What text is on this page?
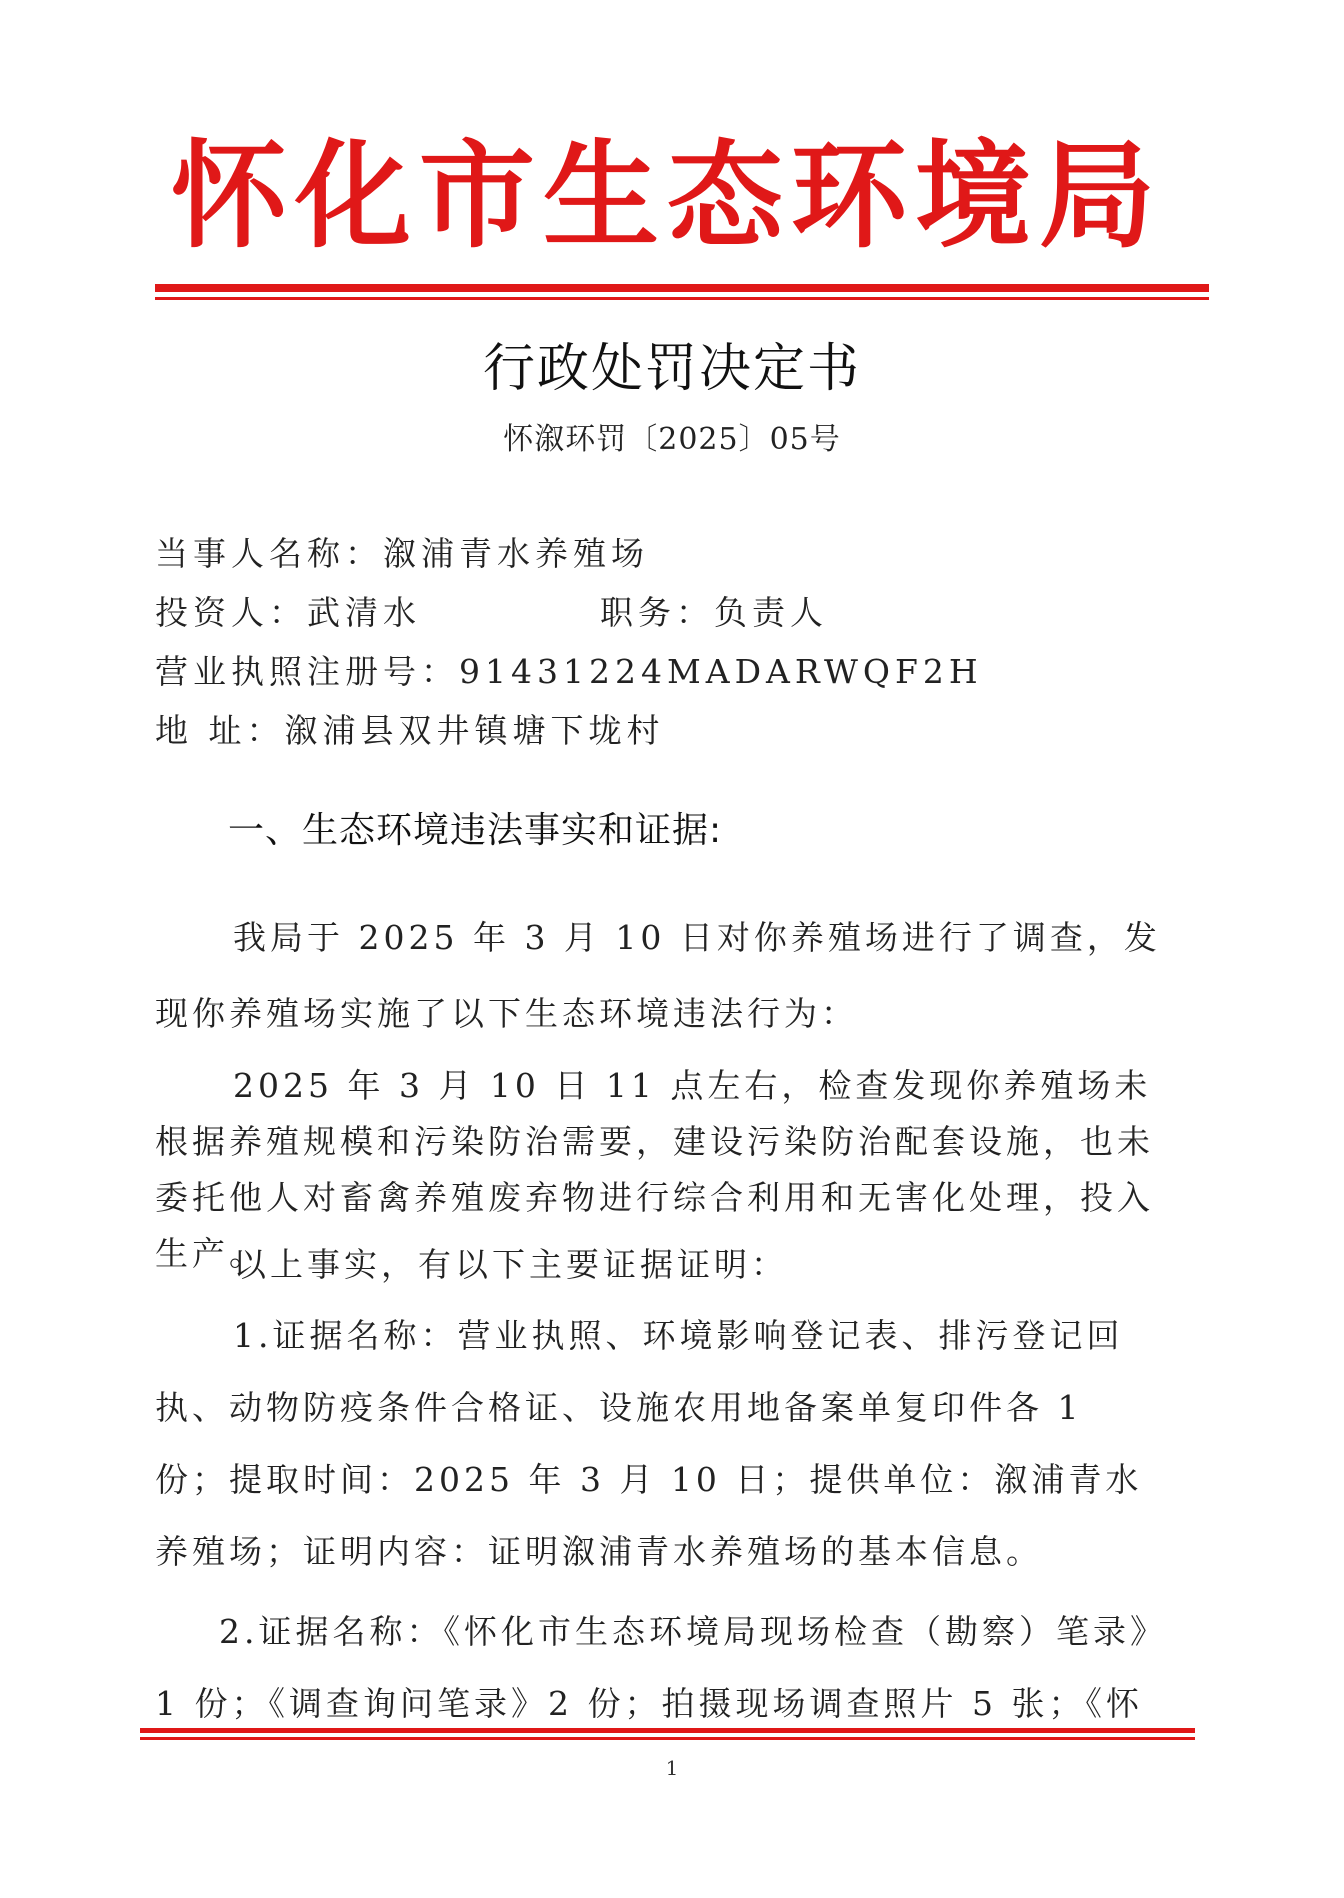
怀化市生态环境局
行政处罚决定书
怀溆环罚〔2025〕05号
当事人名称：溆浦青水养殖场
投资人：武清水	职务：负责人
营业执照注册号：91431224MADARWQF2H
地 址：溆浦县双井镇塘下垅村
一、生态环境违法事实和证据:

我局于 2025 年 3 月 10 日对你养殖场进行了调查，发现你养殖场实施了以下生态环境违法行为：

2025 年 3 月 10 日 11 点左右，检查发现你养殖场未根据养殖规模和污染防治需要，建设污染防治配套设施，也未委托他人对畜禽养殖废弃物进行综合利用和无害化处理，投入生产。

以上事实，有以下主要证据证明：

1.证据名称：营业执照、环境影响登记表、排污登记回执、动物防疫条件合格证、设施农用地备案单复印件各 1 份；提取时间：2025 年 3 月 10 日；提供单位：溆浦青水养殖场；证明内容：证明溆浦青水养殖场的基本信息。

2.证据名称：《怀化市生态环境局现场检查（勘察）笔录》1 份；《调查询问笔录》2 份；拍摄现场调查照片 5 张；《怀

1
